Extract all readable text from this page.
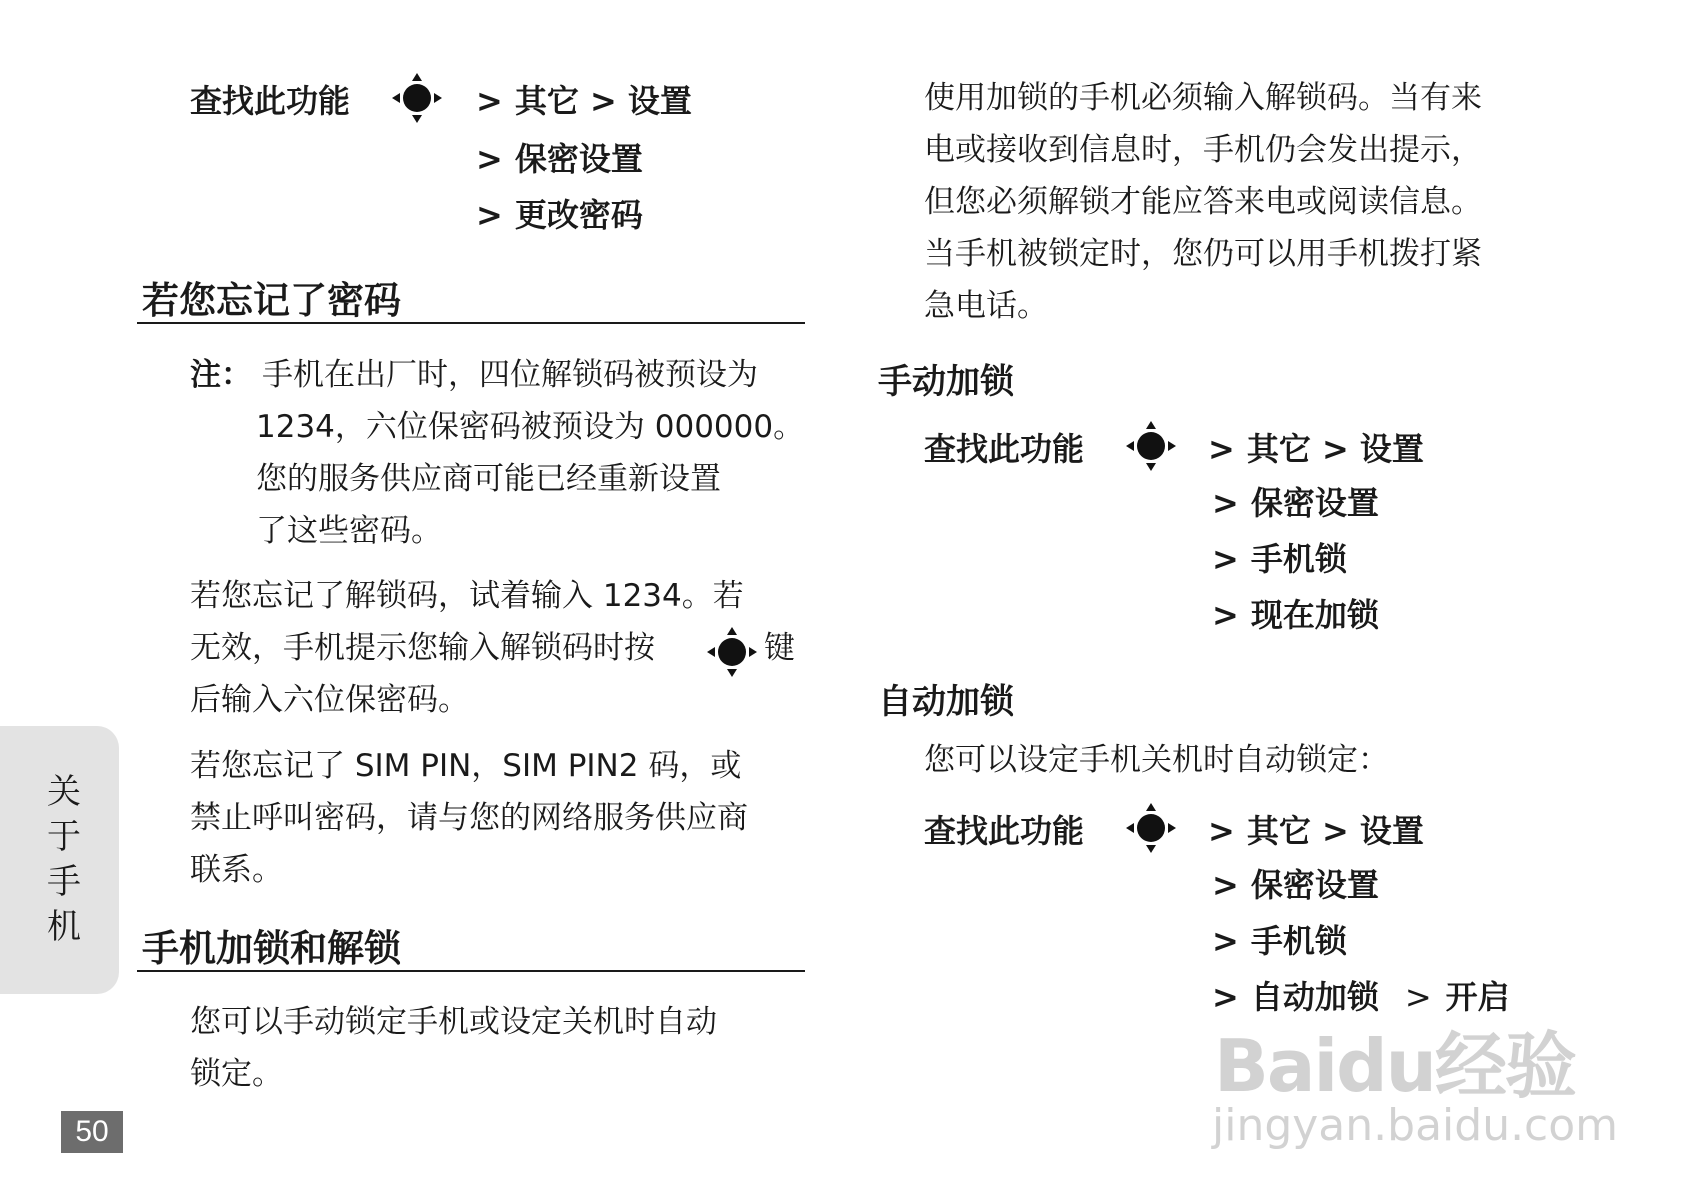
查找此功能	> 其它 > 设置
> 保密设置
> 更改密码
若您忘记了密码
注： 手机在出厂时，四位解锁码被预设为
1234，六位保密码被预设为 000000。
您的服务供应商可能已经重新设置
了这些密码。
若您忘记了解锁码，试着输入 1234。若
无效，手机提示您输入解锁码时按	键
后输入六位保密码。
若您忘记了 SIM PIN，SIM PIN2 码，或
禁止呼叫密码，请与您的网络服务供应商
联系。
手机加锁和解锁
您可以手动锁定手机或设定关机时自动
锁定。
使用加锁的手机必须输入解锁码。当有来
电或接收到信息时，手机仍会发出提示，
但您必须解锁才能应答来电或阅读信息。
当手机被锁定时，您仍可以用手机拨打紧
急电话。
手动加锁
查找此功能	> 其它 > 设置
> 保密设置
> 手机锁
> 现在加锁
自动加锁
您可以设定手机关机时自动锁定：
查找此功能	> 其它 > 设置
> 保密设置
> 手机锁
> 自动加锁 > 开启
关
于
手
机
50
Baidu经验
jingyan.baidu.com
